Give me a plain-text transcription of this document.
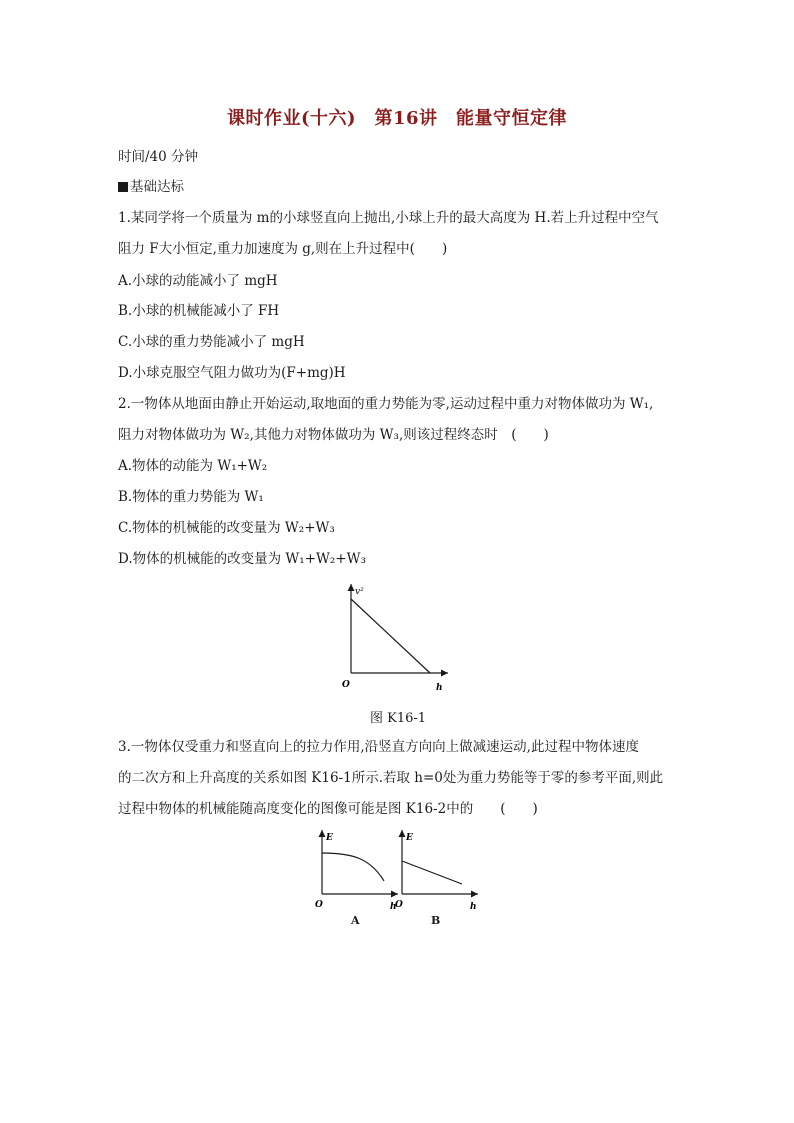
课时作业(十六)　第16讲　能量守恒定律
时间/40 分钟
基础达标
1.某同学将一个质量为 m的小球竖直向上抛出,小球上升的最大高度为 H.若上升过程中空气
阻力 F大小恒定,重力加速度为 g,则在上升过程中(　　)
A.小球的动能减小了 mgH
B.小球的机械能减小了 FH
C.小球的重力势能减小了 mgH
D.小球克服空气阻力做功为(F+mg)H
2.一物体从地面由静止开始运动,取地面的重力势能为零,运动过程中重力对物体做功为 W₁,
阻力对物体做功为 W₂,其他力对物体做功为 W₃,则该过程终态时　(　　)
A.物体的动能为 W₁+W₂
B.物体的重力势能为 W₁
C.物体的机械能的改变量为 W₂+W₃
D.物体的机械能的改变量为 W₁+W₂+W₃
v²
O	h
图 K16-1
3.一物体仅受重力和竖直向上的拉力作用,沿竖直方向向上做减速运动,此过程中物体速度
的二次方和上升高度的关系如图 K16-1所示.若取 h=0处为重力势能等于零的参考平面,则此
过程中物体的机械能随高度变化的图像可能是图 K16-2中的　　(　　)
E
O	h
A
E
O	h
B
